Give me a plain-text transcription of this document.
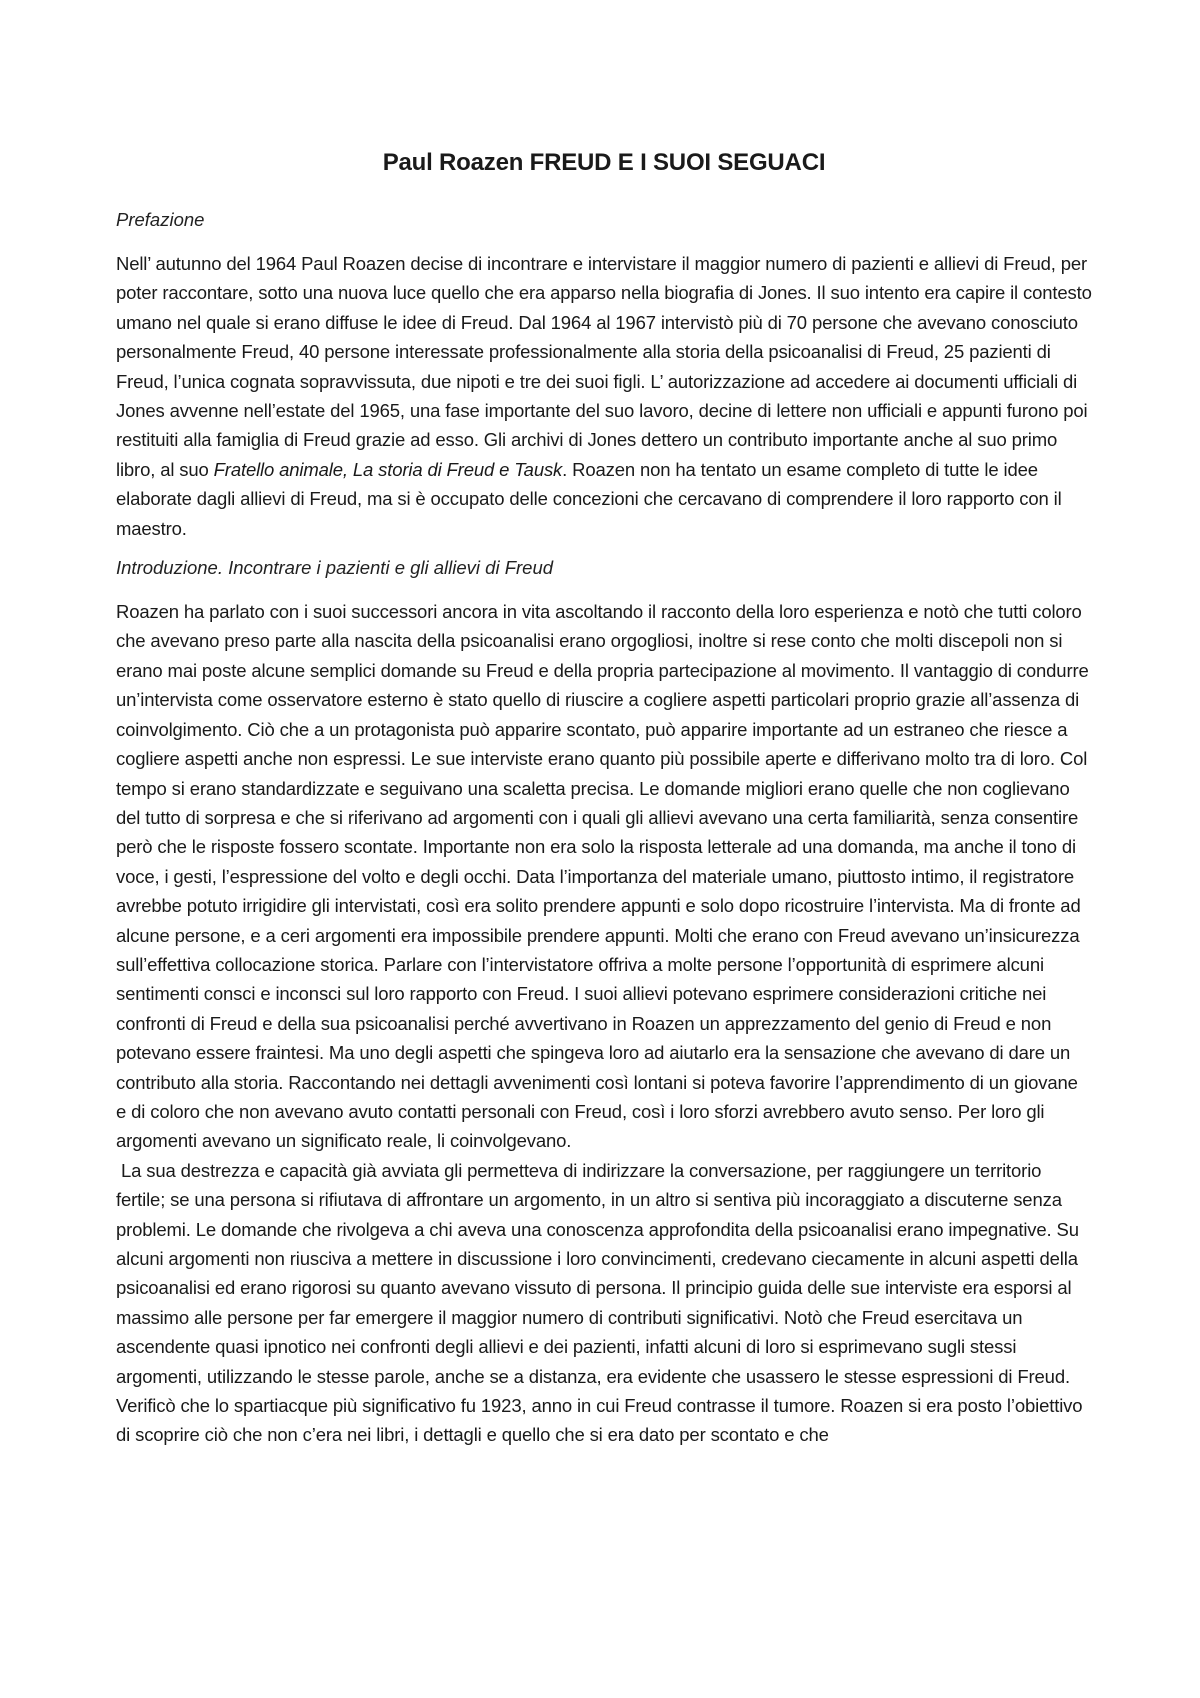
Paul Roazen FREUD E I SUOI SEGUACI
Prefazione

Nell’ autunno del 1964 Paul Roazen decise di incontrare e intervistare il maggior numero di pazienti e allievi di Freud, per poter raccontare, sotto una nuova luce quello che era apparso nella biografia di Jones. Il suo intento era capire il contesto umano nel quale si erano diffuse le idee di Freud. Dal 1964 al 1967 intervistò più di 70 persone che avevano conosciuto personalmente Freud, 40 persone interessate professionalmente alla storia della psicoanalisi di Freud, 25 pazienti di Freud, l’unica cognata sopravvissuta, due nipoti e tre dei suoi figli. L’ autorizzazione ad accedere ai documenti ufficiali di Jones avvenne nell’estate del 1965, una fase importante del suo lavoro, decine di lettere non ufficiali e appunti furono poi restituiti alla famiglia di Freud grazie ad esso. Gli archivi di Jones dettero un contributo importante anche al suo primo libro, al suo Fratello animale, La storia di Freud e Tausk. Roazen non ha tentato un esame completo di tutte le idee elaborate dagli allievi di Freud, ma si è occupato delle concezioni che cercavano di comprendere il loro rapporto con il maestro.

Introduzione. Incontrare i pazienti e gli allievi di Freud

Roazen ha parlato con i suoi successori ancora in vita ascoltando il racconto della loro esperienza e notò che tutti coloro che avevano preso parte alla nascita della psicoanalisi erano orgogliosi, inoltre si rese conto che molti discepoli non si erano mai poste alcune semplici domande su Freud e della propria partecipazione al movimento. Il vantaggio di condurre un’intervista come osservatore esterno è stato quello di riuscire a cogliere aspetti particolari proprio grazie all’assenza di coinvolgimento. Ciò che a un protagonista può apparire scontato, può apparire importante ad un estraneo che riesce a cogliere aspetti anche non espressi. Le sue interviste erano quanto più possibile aperte e differivano molto tra di loro. Col tempo si erano standardizzate e seguivano una scaletta precisa. Le domande migliori erano quelle che non coglievano del tutto di sorpresa e che si riferivano ad argomenti con i quali gli allievi avevano una certa familiarità, senza consentire però che le risposte fossero scontate. Importante non era solo la risposta letterale ad una domanda, ma anche il tono di voce, i gesti, l’espressione del volto e degli occhi. Data l’importanza del materiale umano, piuttosto intimo, il registratore avrebbe potuto irrigidire gli intervistati, così era solito prendere appunti e solo dopo ricostruire l’intervista. Ma di fronte ad alcune persone, e a ceri argomenti era impossibile prendere appunti. Molti che erano con Freud avevano un’insicurezza sull’effettiva collocazione storica. Parlare con l’intervistatore offriva a molte persone l’opportunità di esprimere alcuni sentimenti consci e inconsci sul loro rapporto con Freud. I suoi allievi potevano esprimere considerazioni critiche nei confronti di Freud e della sua psicoanalisi perché avvertivano in Roazen un apprezzamento del genio di Freud e non potevano essere fraintesi. Ma uno degli aspetti che spingeva loro ad aiutarlo era la sensazione che avevano di dare un contributo alla storia. Raccontando nei dettagli avvenimenti così lontani si poteva favorire l’apprendimento di un giovane e di coloro che non avevano avuto contatti personali con Freud, così i loro sforzi avrebbero avuto senso. Per loro gli argomenti avevano un significato reale, li coinvolgevano.

La sua destrezza e capacità già avviata gli permetteva di indirizzare la conversazione, per raggiungere un territorio fertile; se una persona si rifiutava di affrontare un argomento, in un altro si sentiva più incoraggiato a discuterne senza problemi. Le domande che rivolgeva a chi aveva una conoscenza approfondita della psicoanalisi erano impegnative. Su alcuni argomenti non riusciva a mettere in discussione i loro convincimenti, credevano ciecamente in alcuni aspetti della psicoanalisi ed erano rigorosi su quanto avevano vissuto di persona. Il principio guida delle sue interviste era esporsi al massimo alle persone per far emergere il maggior numero di contributi significativi. Notò che Freud esercitava un ascendente quasi ipnotico nei confronti degli allievi e dei pazienti, infatti alcuni di loro si esprimevano sugli stessi argomenti, utilizzando le stesse parole, anche se a distanza, era evidente che usassero le stesse espressioni di Freud. Verificò che lo spartiacque più significativo fu 1923, anno in cui Freud contrasse il tumore. Roazen si era posto l’obiettivo di scoprire ciò che non c’era nei libri, i dettagli e quello che si era dato per scontato e che
